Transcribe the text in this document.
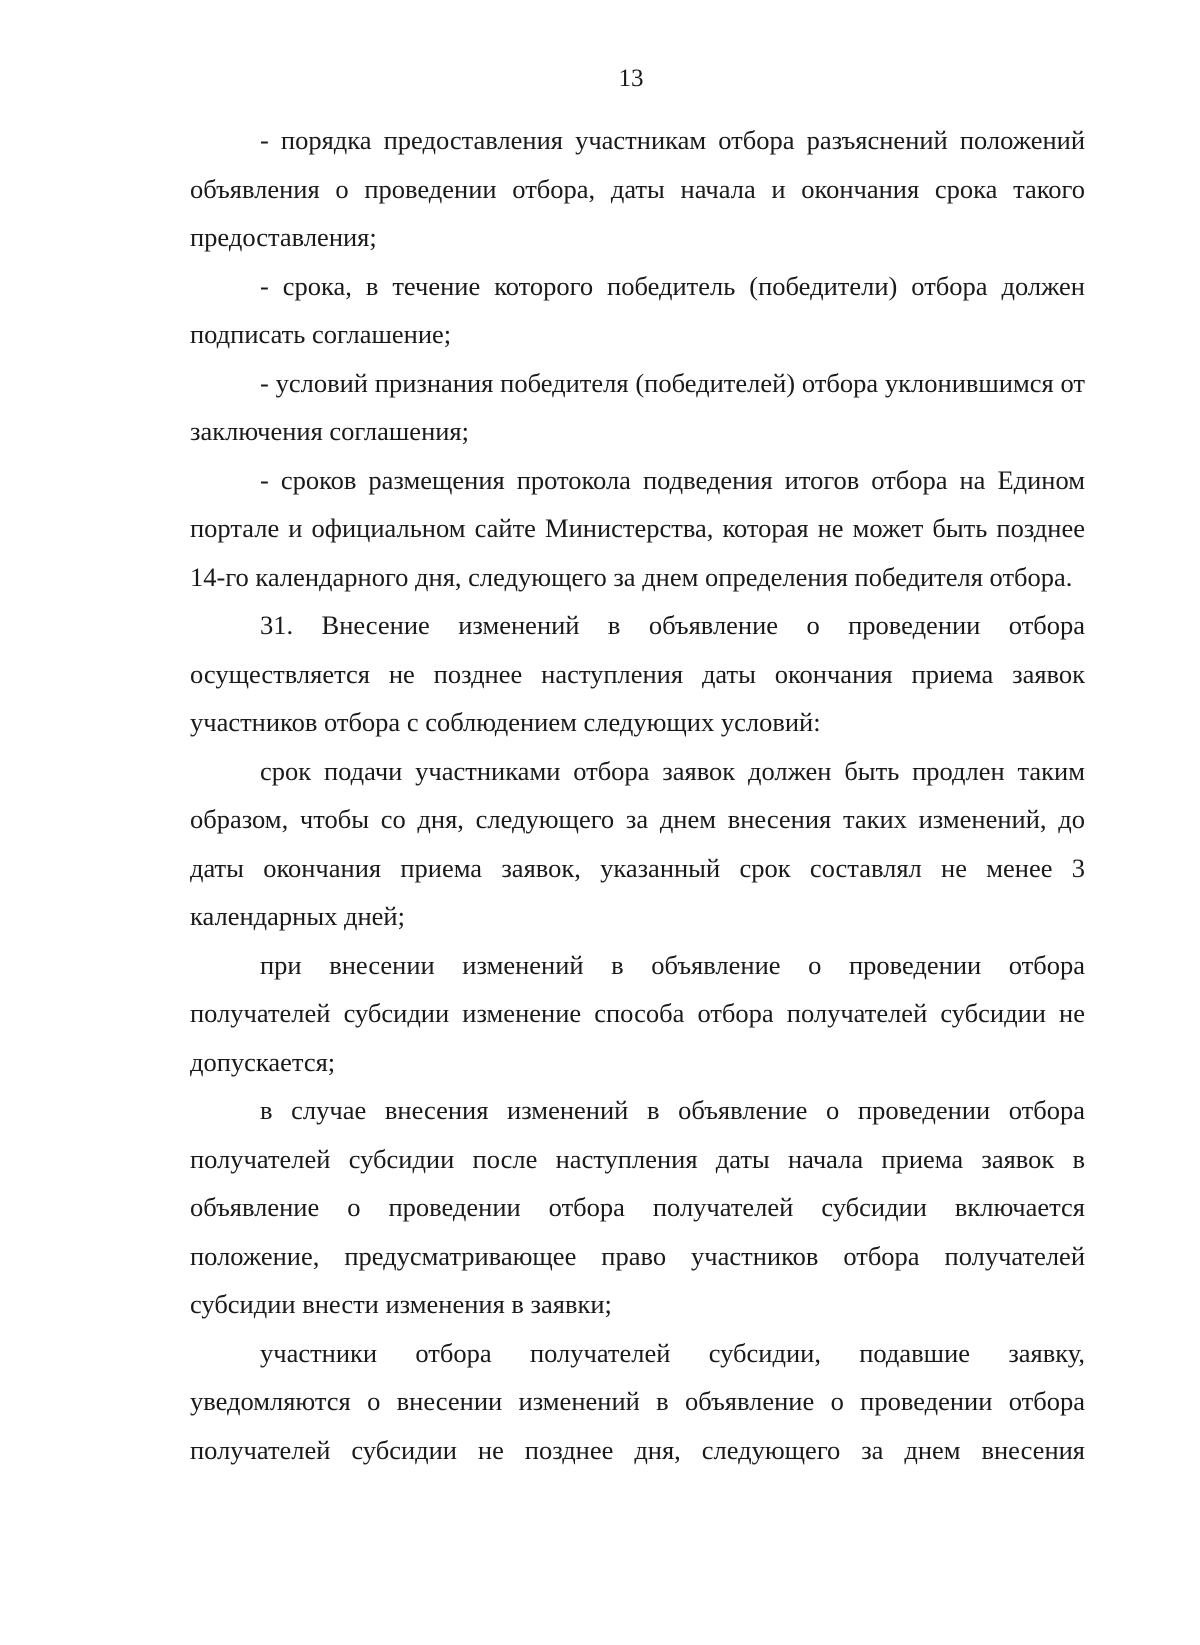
13

- порядка предоставления участникам отбора разъяснений положений объявления о проведении отбора, даты начала и окончания срока такого предоставления;

- срока, в течение которого победитель (победители) отбора должен подписать соглашение;

- условий признания победителя (победителей) отбора уклонившимся от заключения соглашения;

- сроков размещения протокола подведения итогов отбора на Едином портале и официальном сайте Министерства, которая не может быть позднее 14-го календарного дня, следующего за днем определения победителя отбора.

31. Внесение изменений в объявление о проведении отбора осуществляется не позднее наступления даты окончания приема заявок участников отбора с соблюдением следующих условий:

срок подачи участниками отбора заявок должен быть продлен таким образом, чтобы со дня, следующего за днем внесения таких изменений, до даты окончания приема заявок, указанный срок составлял не менее 3 календарных дней;

при внесении изменений в объявление о проведении отбора получателей субсидии изменение способа отбора получателей субсидии не допускается;

в случае внесения изменений в объявление о проведении отбора получателей субсидии после наступления даты начала приема заявок в объявление о проведении отбора получателей субсидии включается положение, предусматривающее право участников отбора получателей субсидии внести изменения в заявки;

участники отбора получателей субсидии, подавшие заявку, уведомляются о внесении изменений в объявление о проведении отбора получателей субсидии не позднее дня, следующего за днем внесения
